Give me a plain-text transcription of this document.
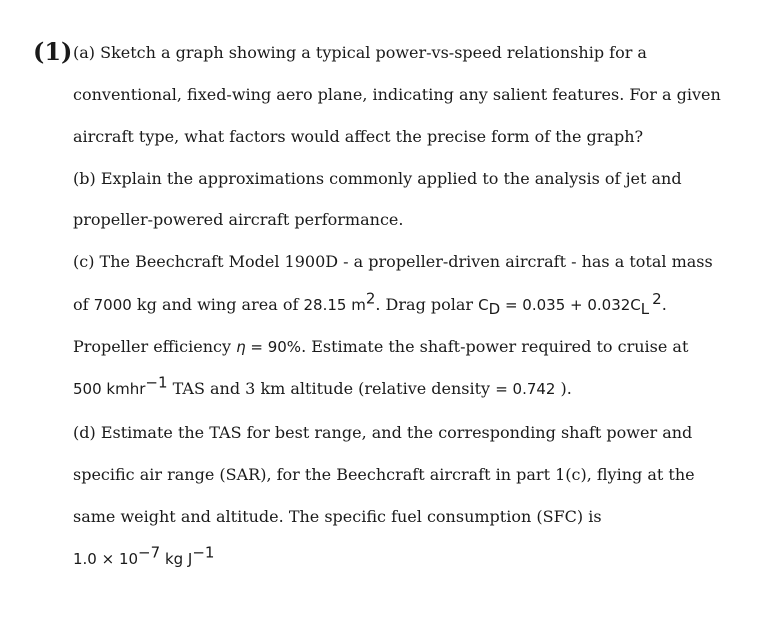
(1) (a) Sketch a graph showing a typical power-vs-speed relationship for a
conventional, fixed-wing aero plane, indicating any salient features. For a given
aircraft type, what factors would affect the precise form of the graph?
(b) Explain the approximations commonly applied to the analysis of jet and
propeller-powered aircraft performance.
(c) The Beechcraft Model 1900D - a propeller-driven aircraft - has a total mass
of 7000 kg and wing area of 28.15 $m^2$. Drag polar $C_D = 0.035 + 0.032C_L^2$.
Propeller efficiency η = 90%. Estimate the shaft-power required to cruise at
500 kmhr$^{-1}$ TAS and 3 km altitude (relative density = 0.742 ).
(d) Estimate the TAS for best range, and the corresponding shaft power and
specific air range (SAR), for the Beechcraft aircraft in part 1(c), flying at the
same weight and altitude. The specific fuel consumption (SFC) is
$1.0 \times 10^{-7}$ kg $J^{-1}$
